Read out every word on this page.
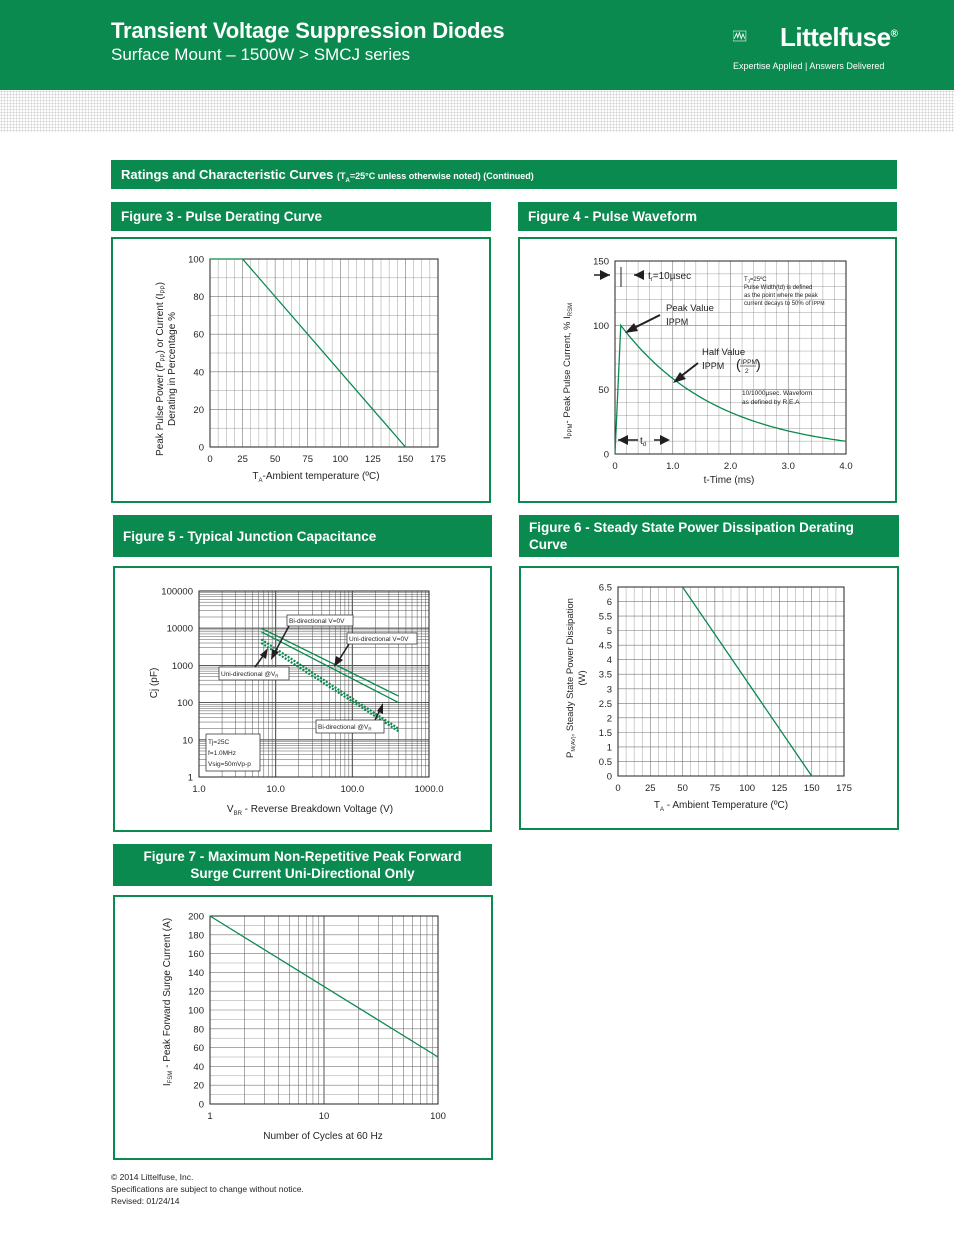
Transient Voltage Suppression Diodes
Surface Mount – 1500W > SMCJ series
Littelfuse®
Expertise Applied | Answers Delivered
Ratings and Characteristic Curves ($T_A=25^\circ C$ unless otherwise noted) (Continued)
Figure 3 - Pulse Derating Curve	Figure 4 - Pulse Waveform
Figure 5 - Typical Junction Capacitance
Figure 6 - Steady State Power Dissipation Derating Curve
Figure 7 - Maximum Non-Repetitive Peak Forward Surge Current Uni-Directional Only
0	25 50 75 100 125 150 175
0
20
40
60
80
100
Peak Pulse Power $(P_{PP})$ or Current $(I_{PP})$
Derating in Percentage %
$T_A$-Ambient temperature (ºC)
0	1.0	2.0	3.0	4.0
0
50
100
150
$I_{PPM}-$ Peak Pulse Current, % $I_{RSM}$
t-Time (ms)
$t_r=10\mu\sec$
Peak Value
IPPM
Half Value
IPPM ( IPPM
2 )
$t_d$
$T_J=25ºC$
Pulse Width(td) is defined
as the point where the peak
current decays to 50% of IPPM
10/1000µsec. Waveform
as defined by R.E.A
1.0	10.0	100.0	1000.0
1
10
100
1000
10000
100000
Cj (pF)
$V_{BR}$ - Reverse Breakdown Voltage (V)
Bi-directional V=0V
Uni-directional V=0V
Uni-directional $@V_R$
Bi-directional $@V_R$
Tj=25C
f=1.0MHz
Vsig=50mVp-p
0	25 50 75 100 125 150 175
0
0.5
1
1.5
2
2.5
3
3.5
4
4.5
5
5.5
6
6.5
$P_{M(AV)}$, Steady State Power Dissipation (W)
$T_A$ - Ambient Temperature (ºC)
1	10	100
0
20
40
60
80
100
120
140
160
180
200
$I_{FSM}$ - Peak Forward Surge Current (A)
Number of Cycles at 60 Hz
© 2014 Littelfuse, Inc.
Specifications are subject to change without notice.
Revised: 01/24/14
